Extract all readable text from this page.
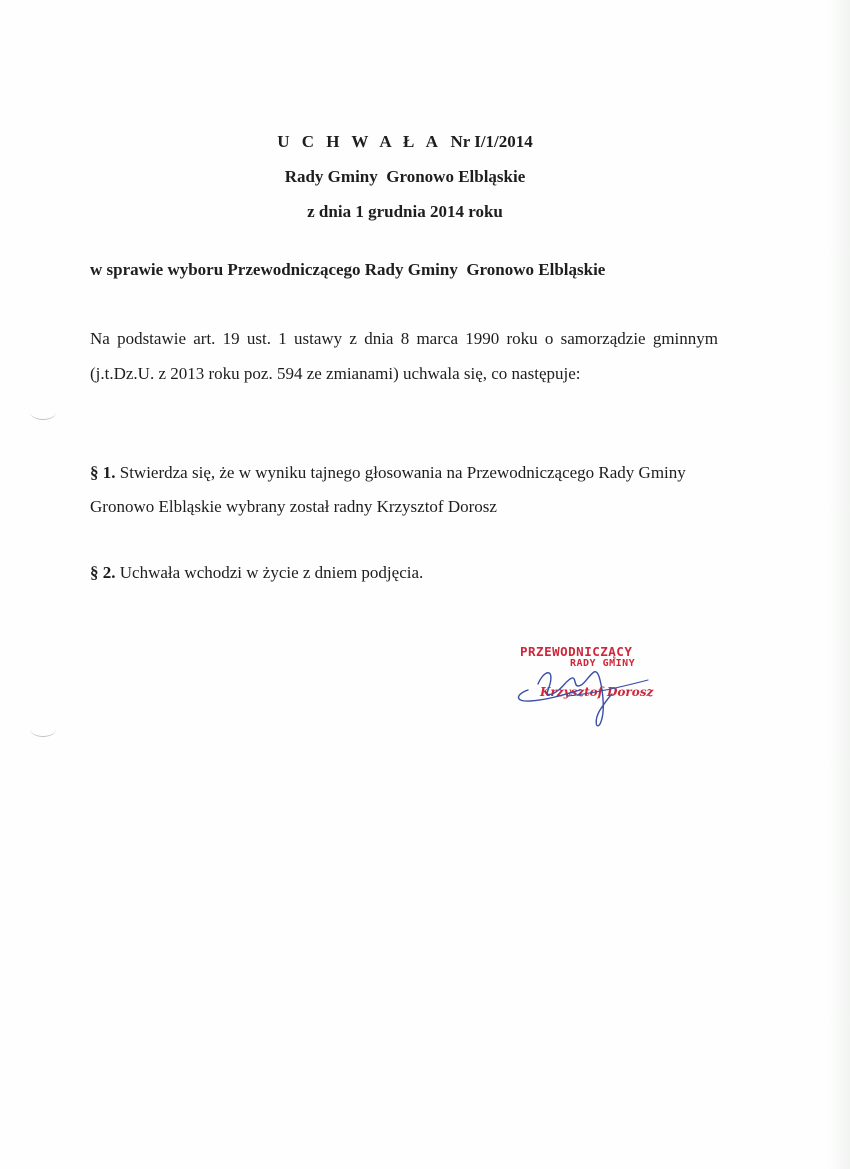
U C H W A Ł A Nr I/1/2014
Rady Gminy  Gronowo Elbląskie
z dnia 1 grudnia 2014 roku
w sprawie wyboru Przewodniczącego Rady Gminy  Gronowo Elbląskie
Na podstawie art. 19 ust. 1 ustawy z dnia 8 marca 1990 roku o samorządzie gminnym (j.t.Dz.U. z 2013 roku poz. 594 ze zmianami) uchwala się, co następuje:
§ 1. Stwierdza się, że w wyniku tajnego głosowania na Przewodniczącego Rady Gminy Gronowo Elbląskie wybrany został radny Krzysztof Dorosz
§ 2. Uchwała wchodzi w życie z dniem podjęcia.
PRZEWODNICZĄCY
RADY GMINY
Krzysztof Dorosz
